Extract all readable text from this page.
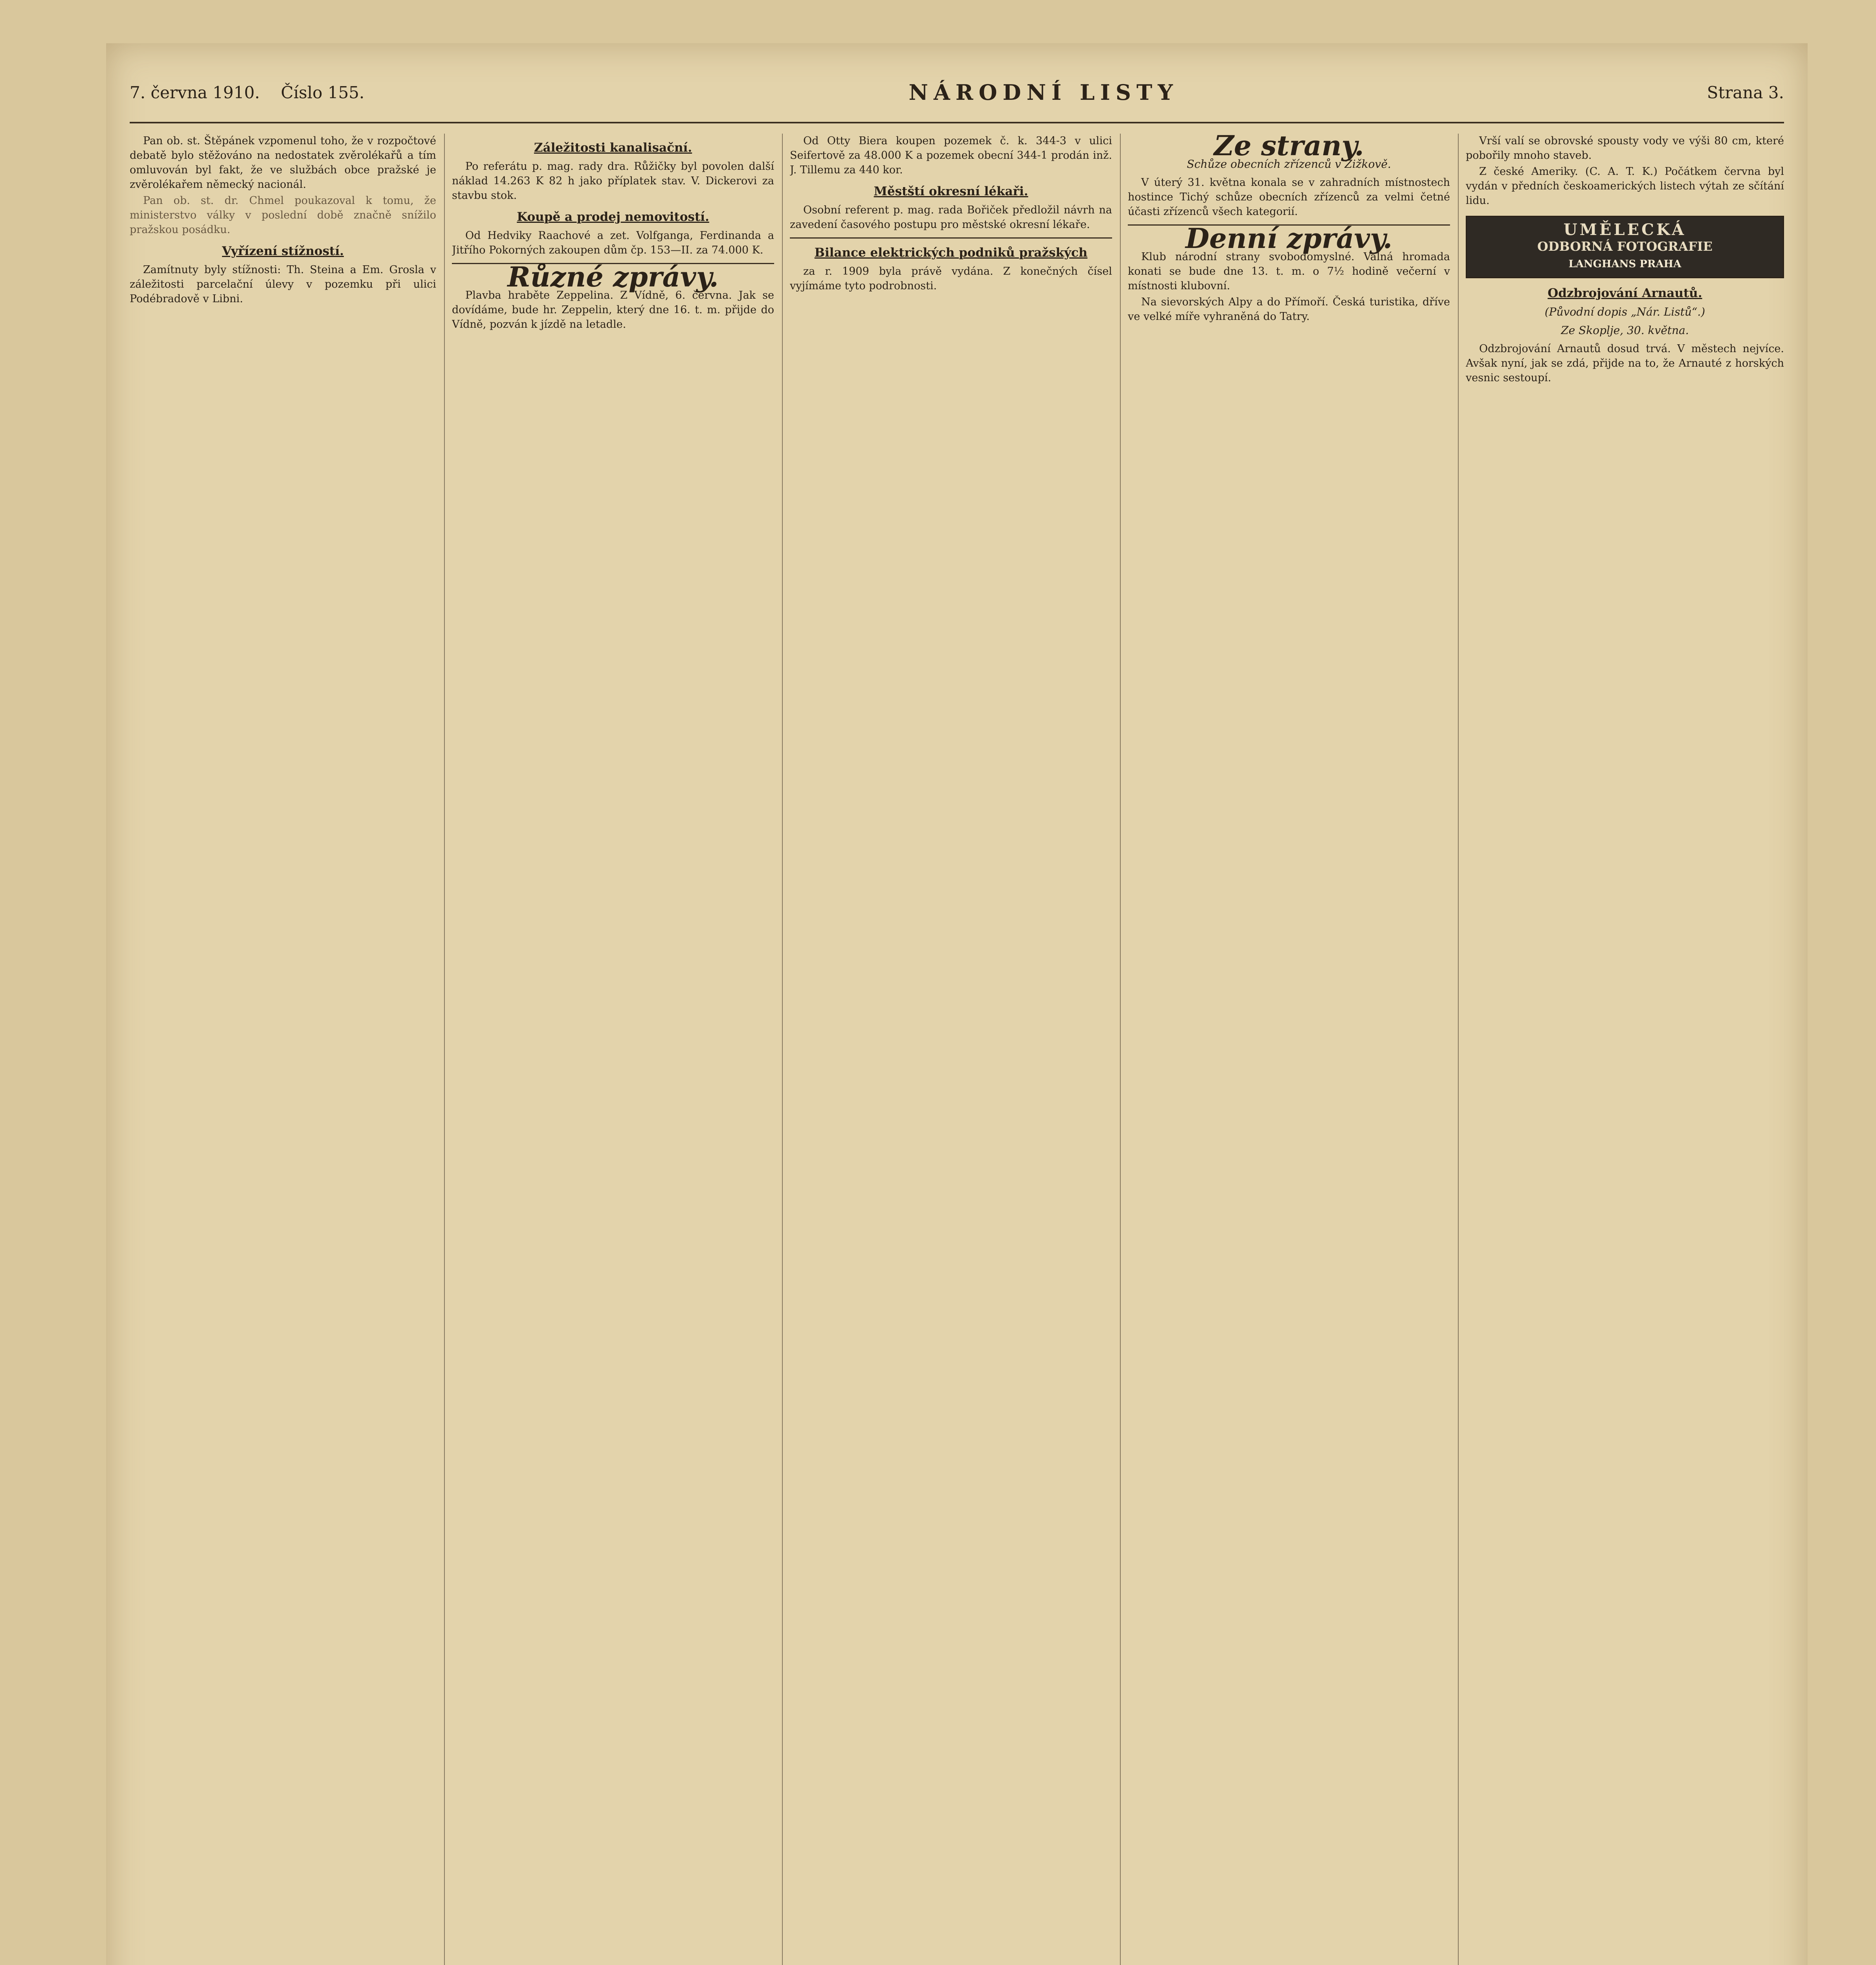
7. června 1910. Číslo 155.	NÁRODNÍ LISTY	Strana 3.

Pan ob. st. Štěpánek vzpomenul toho, že v rozpočtové debatě bylo stěžováno na nedostatek zvěrolékařů a tím omluvován byl fakt, že ve službách obce pražské je zvěrolékařem německý nacionál.

Pan ob. st. dr. Chmel poukazoval k tomu, že ministerstvo války v poslední době značně snížilo pražskou posádku.

Vyřízení stížností.

Zamítnuty byly stížnosti: Th. Steina a Em. Grosla v záležitosti parcelační úlevy v pozemku při ulici Podébradově v Libni.

Záležitosti kanalisační.

Po referátu p. mag. rady dra. Růžičky byl povolen další náklad 14.263 K 82 h jako příplatek stav. V. Dickerovi za stavbu stok.

Koupě a prodej nemovitostí.

Od Hedviky Raachové a zet. Volfganga, Ferdinanda a Jitřího Pokorných zakoupen dům čp. 153—II. za 74.000 K.

Různé zprávy.

Plavba hraběte Zeppelina. Z Vídně, 6. června. Jak se dovídáme, bude hr. Zeppelin, který dne 16. t. m. přijde do Vídně, pozván k jízdě na letadle.

Od Otty Biera koupen pozemek č. k. 344-3 v ulici Seifertově za 48.000 K a pozemek obecní 344-1 prodán inž. J. Tillemu za 440 kor.

Městští okresní lékaři.

Osobní referent p. mag. rada Bořiček předložil návrh na zavedení časového postupu pro městské okresní lékaře.

Bilance elektrických podniků pražských

za r. 1909 byla právě vydána. Z konečných čísel vyjímáme tyto podrobnosti.

Ze strany.
Schůze obecních zřízenců v Žižkově.

V úterý 31. května konala se v zahradních místnostech hostince Tichý schůze obecních zřízenců za velmi četné účasti zřízenců všech kategorií.

Denní zprávy.

Klub národní strany svobodomyslné. Valná hromada konati se bude dne 13. t. m. o 7½ hodině večerní v místnosti klubovní.

Na sievorských Alpy a do Přímoří. Česká turistika, dříve ve velké míře vyhraněná do Tatry.

Vrší valí se obrovské spousty vody ve výši 80 cm, které pobořily mnoho staveb.

Z české Ameriky. (C. A. T. K.) Počátkem června byl vydán v předních českoamerických listech výtah ze sčítání lidu.

UMĚLECKÁ
ODBORNÁ FOTOGRAFIE
LANGHANS PRAHA
Odzbrojování Arnautů.
(Původní dopis „Nár. Listů“.)
Ze Skoplje, 30. května.

Odzbrojování Arnautů dosud trvá. V městech nejvíce. Avšak nyní, jak se zdá, přijde na to, že Arnauté z horských vesnic sestoupí.
